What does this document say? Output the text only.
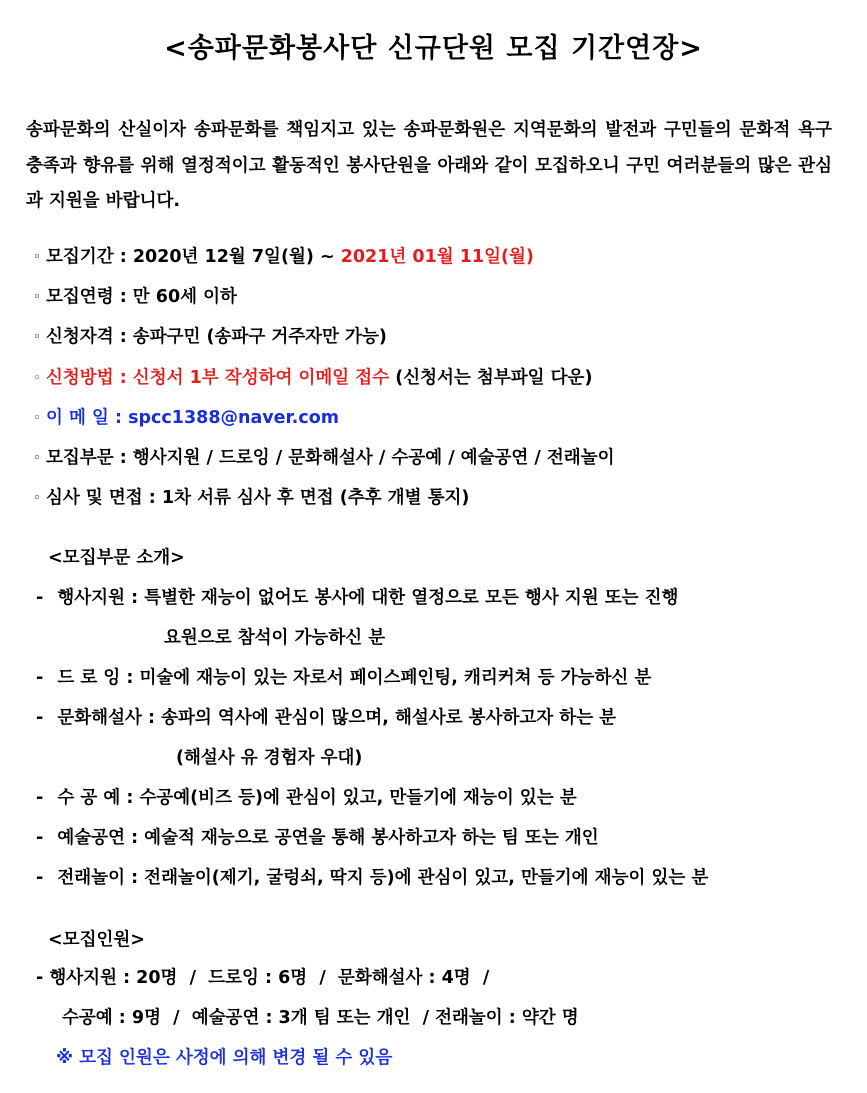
<송파문화봉사단 신규단원 모집 기간연장>
송파문화의 산실이자 송파문화를 책임지고 있는 송파문화원은 지역문화의 발전과 구민들의 문화적 욕구 충족과 향유를 위해 열정적이고 활동적인 봉사단원을 아래와 같이 모집하오니 구민 여러분들의 많은 관심과 지원을 바랍니다.
◦ 모집기간 : 2020년 12월 7일(월) ~ 2021년 01월 11일(월)
◦ 모집연령 : 만 60세 이하
◦ 신청자격 : 송파구민 (송파구 거주자만 가능)
◦ 신청방법 : 신청서 1부 작성하여 이메일 접수 (신청서는 첨부파일 다운)
◦ 이 메 일 : spcc1388@naver.com
◦ 모집부문 : 행사지원 / 드로잉 / 문화해설사 / 수공예 / 예술공연 / 전래놀이
◦ 심사 및 면접 : 1차 서류 심사 후 면접 (추후 개별 통지)
<모집부문 소개>
- 행사지원 : 특별한 재능이 없어도 봉사에 대한 열정으로 모든 행사 지원 또는 진행
요원으로 참석이 가능하신 분
- 드 로 잉 : 미술에 재능이 있는 자로서 페이스페인팅, 캐리커쳐 등 가능하신 분
- 문화해설사 : 송파의 역사에 관심이 많으며, 해설사로 봉사하고자 하는 분
(해설사 유 경험자 우대)
- 수 공 예 : 수공예(비즈 등)에 관심이 있고, 만들기에 재능이 있는 분
- 예술공연 : 예술적 재능으로 공연을 통해 봉사하고자 하는 팀 또는 개인
- 전래놀이 : 전래놀이(제기, 굴렁쇠, 딱지 등)에 관심이 있고, 만들기에 재능이 있는 분
<모집인원>
- 행사지원 : 20명  /  드로잉 : 6명  /  문화해설사 : 4명  /
수공예 : 9명  /  예술공연 : 3개 팀 또는 개인  / 전래놀이 : 약간 명
※ 모집 인원은 사정에 의해 변경 될 수 있음
